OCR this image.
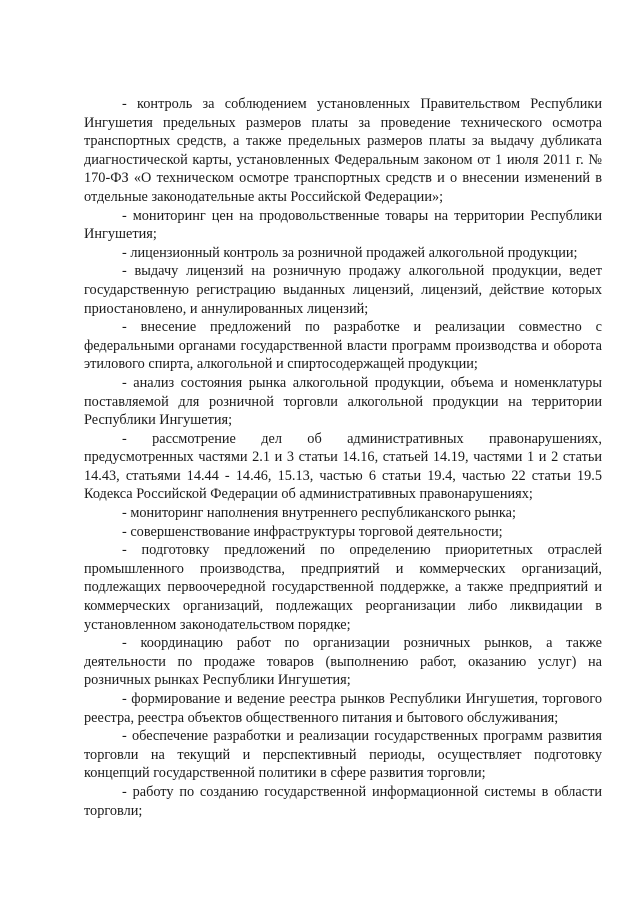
- контроль за соблюдением установленных Правительством Республики Ингушетия предельных размеров платы за проведение технического осмотра транспортных средств, а также предельных размеров платы за выдачу дубликата диагностической карты, установленных Федеральным законом от 1 июля 2011 г. № 170-ФЗ «О техническом осмотре транспортных средств и о внесении изменений в отдельные законодательные акты Российской Федерации»;

- мониторинг цен на продовольственные товары на территории Республики Ингушетия;

- лицензионный контроль за розничной продажей алкогольной продукции;

- выдачу лицензий на розничную продажу алкогольной продукции, ведет государственную регистрацию выданных лицензий, лицензий, действие которых приостановлено, и аннулированных лицензий;

- внесение предложений по разработке и реализации совместно с федеральными органами государственной власти программ производства и оборота этилового спирта, алкогольной и спиртосодержащей продукции;

- анализ состояния рынка алкогольной продукции, объема и номенклатуры поставляемой для розничной торговли алкогольной продукции на территории Республики Ингушетия;

- рассмотрение дел об административных правонарушениях, предусмотренных частями 2.1 и 3 статьи 14.16, статьей 14.19, частями 1 и 2 статьи 14.43, статьями 14.44 - 14.46, 15.13, частью 6 статьи 19.4, частью 22 статьи 19.5 Кодекса Российской Федерации об административных правонарушениях;

- мониторинг наполнения внутреннего республиканского рынка;

- совершенствование инфраструктуры торговой деятельности;

- подготовку предложений по определению приоритетных отраслей промышленного производства, предприятий и коммерческих организаций, подлежащих первоочередной государственной поддержке, а также предприятий и коммерческих организаций, подлежащих реорганизации либо ликвидации в установленном законодательством порядке;

- координацию работ по организации розничных рынков, а также деятельности по продаже товаров (выполнению работ, оказанию услуг) на розничных рынках Республики Ингушетия;

- формирование и ведение реестра рынков Республики Ингушетия, торгового реестра, реестра объектов общественного питания и бытового обслуживания;

- обеспечение разработки и реализации государственных программ развития торговли на текущий и перспективный периоды, осуществляет подготовку концепций государственной политики в сфере развития торговли;

- работу по созданию государственной информационной системы в области торговли;
